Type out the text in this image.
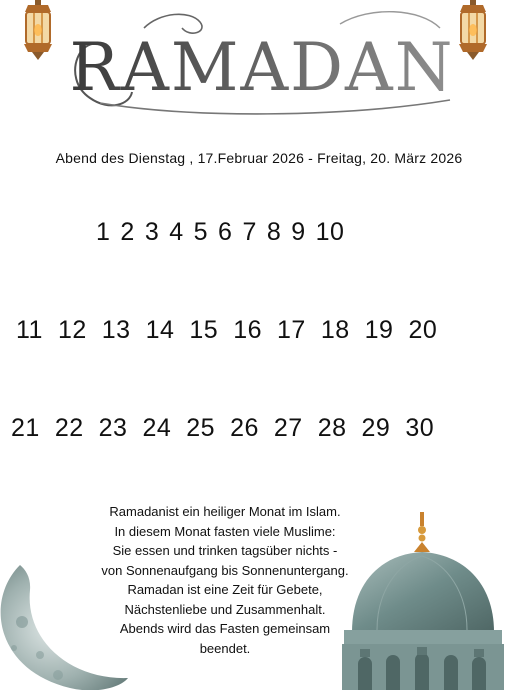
RAMADAN
Abend des Dienstag , 17.Februar 2026 - Freitag, 20. März 2026
1 2 3 4 5 6 7 8 9 10
11 12 13 14 15 16 17 18 19 20
21 22 23 24 25 26 27 28 29 30

Ramadanist ein heiliger Monat im Islam.

In diesem Monat fasten viele Muslime:

Sie essen und trinken tagsüber nichts -

von Sonnenaufgang bis Sonnenuntergang.

Ramadan ist eine Zeit für Gebete,

Nächstenliebe und Zusammenhalt.

Abends wird das Fasten gemeinsam

beendet.
